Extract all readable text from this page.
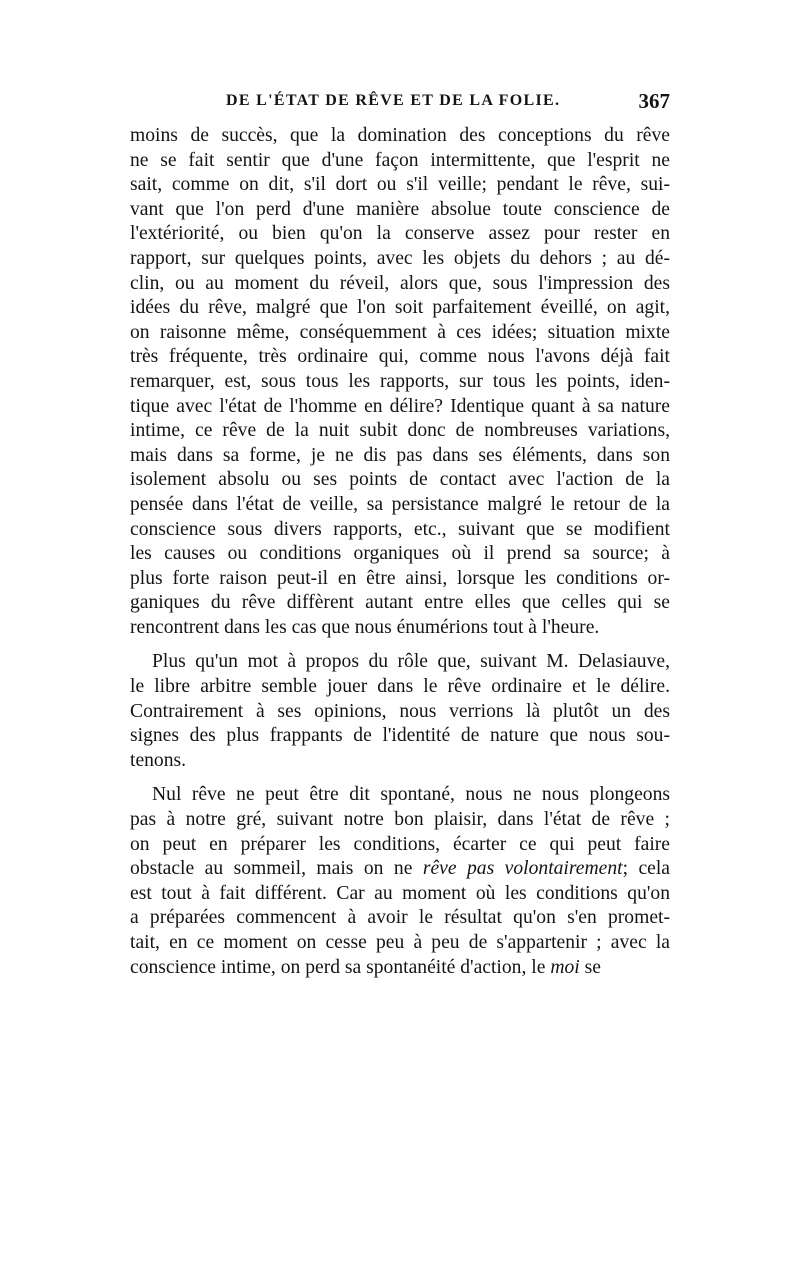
DE L'ÉTAT DE RÊVE ET DE LA FOLIE.	367
moins de succès, que la domination des conceptions du rêve
ne se fait sentir que d'une façon intermittente, que l'esprit ne
sait, comme on dit, s'il dort ou s'il veille; pendant le rêve, sui-
vant que l'on perd d'une manière absolue toute conscience de
l'extériorité, ou bien qu'on la conserve assez pour rester en
rapport, sur quelques points, avec les objets du dehors ; au dé-
clin, ou au moment du réveil, alors que, sous l'impression des
idées du rêve, malgré que l'on soit parfaitement éveillé, on agit,
on raisonne même, conséquemment à ces idées; situation mixte
très fréquente, très ordinaire qui, comme nous l'avons déjà fait
remarquer, est, sous tous les rapports, sur tous les points, iden-
tique avec l'état de l'homme en délire? Identique quant à sa nature
intime, ce rêve de la nuit subit donc de nombreuses variations,
mais dans sa forme, je ne dis pas dans ses éléments, dans son
isolement absolu ou ses points de contact avec l'action de la
pensée dans l'état de veille, sa persistance malgré le retour de la
conscience sous divers rapports, etc., suivant que se modifient
les causes ou conditions organiques où il prend sa source; à
plus forte raison peut-il en être ainsi, lorsque les conditions or-
ganiques du rêve diffèrent autant entre elles que celles qui se
rencontrent dans les cas que nous énumérions tout à l'heure.
Plus qu'un mot à propos du rôle que, suivant M. Delasiauve,
le libre arbitre semble jouer dans le rêve ordinaire et le délire.
Contrairement à ses opinions, nous verrions là plutôt un des
signes des plus frappants de l'identité de nature que nous sou-
tenons.
Nul rêve ne peut être dit spontané, nous ne nous plongeons
pas à notre gré, suivant notre bon plaisir, dans l'état de rêve ;
on peut en préparer les conditions, écarter ce qui peut faire
obstacle au sommeil, mais on ne rêve pas volontairement; cela
est tout à fait différent. Car au moment où les conditions qu'on
a préparées commencent à avoir le résultat qu'on s'en promet-
tait, en ce moment on cesse peu à peu de s'appartenir ; avec la
conscience intime, on perd sa spontanéité d'action, le moi se
